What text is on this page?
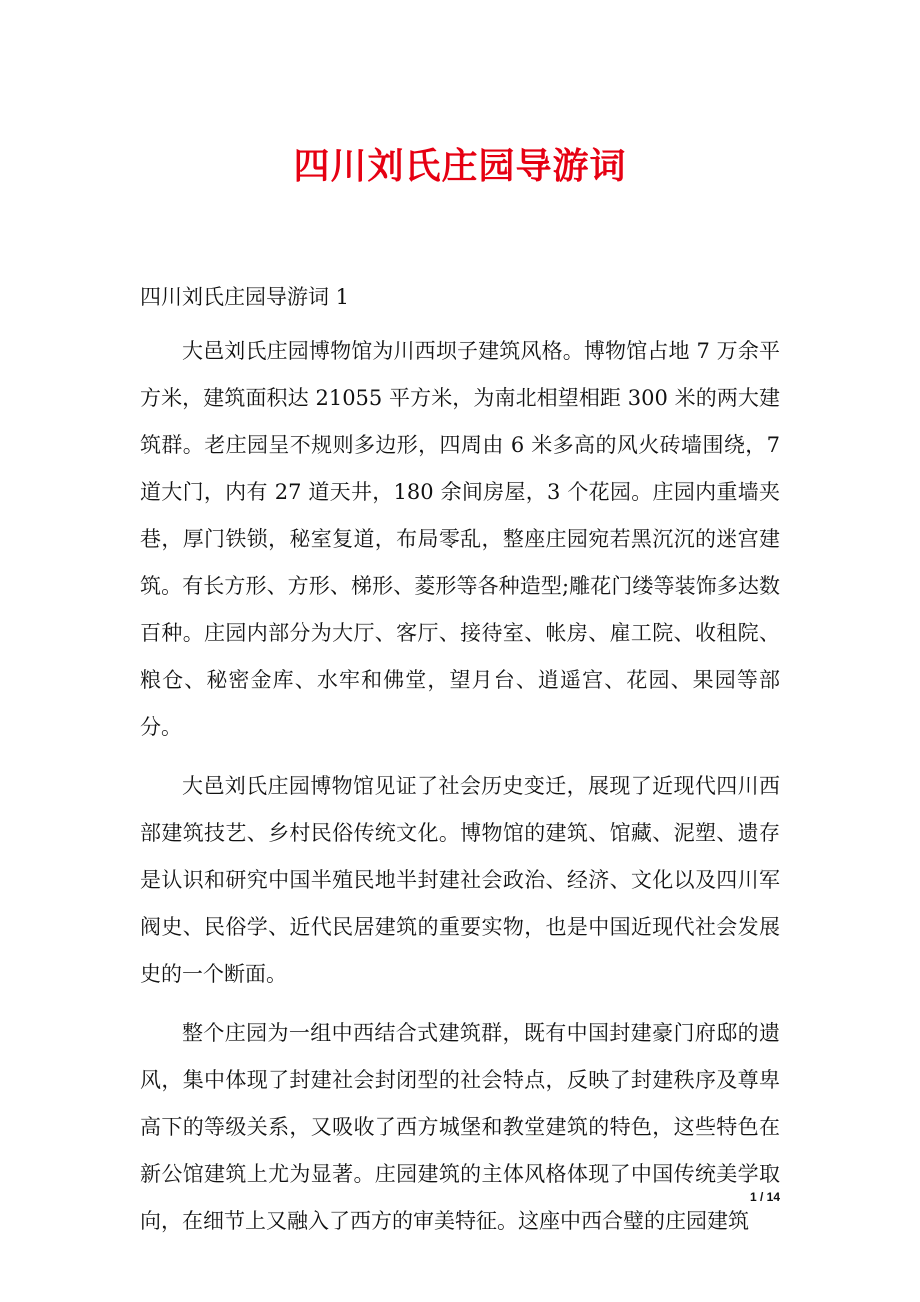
四川刘氏庄园导游词
四川刘氏庄园导游词 1

大邑刘氏庄园博物馆为川西坝子建筑风格。博物馆占地 7 万余平方米，建筑面积达 21055 平方米，为南北相望相距 300 米的两大建筑群。老庄园呈不规则多边形，四周由 6 米多高的风火砖墙围绕，7 道大门，内有 27 道天井，180 余间房屋，3 个花园。庄园内重墙夹巷，厚门铁锁，秘室复道，布局零乱，整座庄园宛若黑沉沉的迷宫建筑。有长方形、方形、梯形、菱形等各种造型;雕花门缕等装饰多达数百种。庄园内部分为大厅、客厅、接待室、帐房、雇工院、收租院、粮仓、秘密金库、水牢和佛堂，望月台、逍遥宫、花园、果园等部分。

大邑刘氏庄园博物馆见证了社会历史变迁，展现了近现代四川西部建筑技艺、乡村民俗传统文化。博物馆的建筑、馆藏、泥塑、遗存是认识和研究中国半殖民地半封建社会政治、经济、文化以及四川军阀史、民俗学、近代民居建筑的重要实物，也是中国近现代社会发展史的一个断面。

整个庄园为一组中西结合式建筑群，既有中国封建豪门府邸的遗风，集中体现了封建社会封闭型的社会特点，反映了封建秩序及尊卑高下的等级关系，又吸收了西方城堡和教堂建筑的特色，这些特色在新公馆建筑上尤为显著。庄园建筑的主体风格体现了中国传统美学取向，在细节上又融入了西方的审美特征。这座中西合璧的庄园建筑

1 / 14
